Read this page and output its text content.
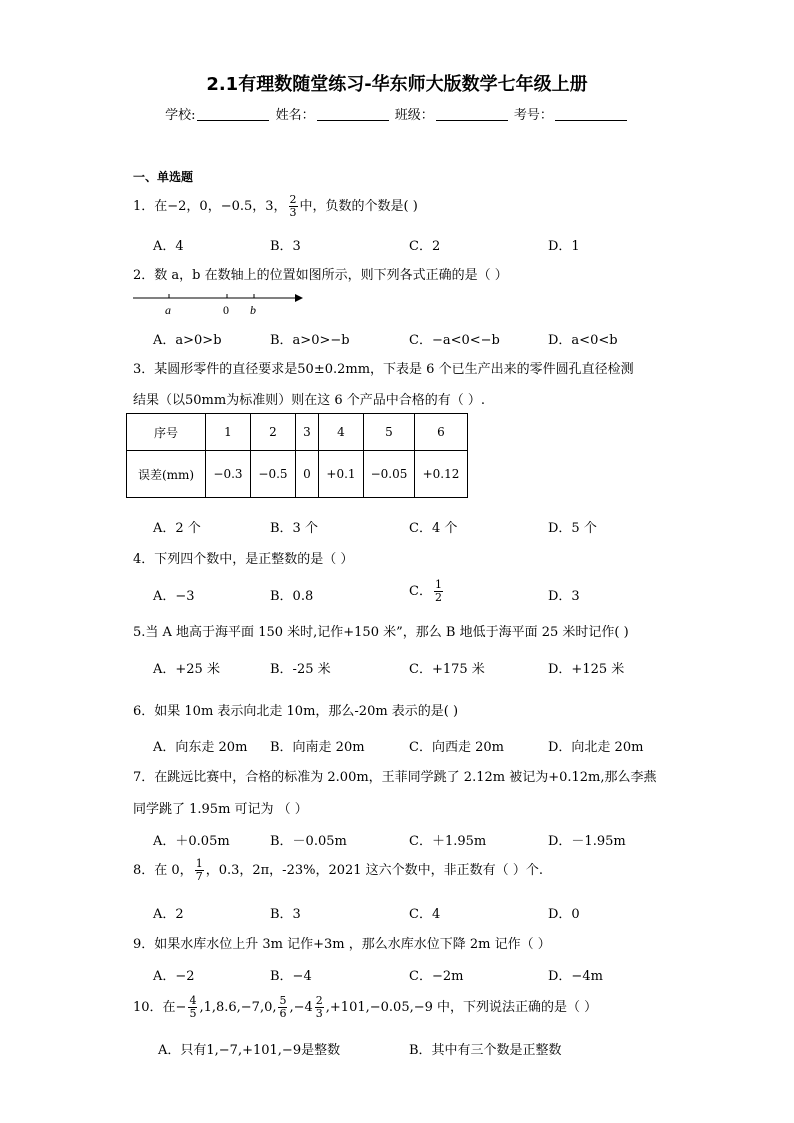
2.1有理数随堂练习-华东师大版数学七年级上册
学校:	姓名：	班级：	考号：
一、单选题
1．在−2，0，−0.5，3， $\frac{2}{3}$ 中，负数的个数是( )
A．4	B．3	C．2	D．1
2．数 a，b 在数轴上的位置如图所示，则下列各式正确的是（ ）
a	0 b
A．a>0>b	B．a>0>−b	C．−a<0<−b	D．a<0<b
3．某圆形零件的直径要求是50±0.2mm，下表是 6 个已生产出来的零件圆孔直径检测
结果（以50mm为标准则）则在这 6 个产品中合格的有（ ）.
序号	1	2	3	4	5	6
误差(mm)	−0.3	−0.5	0	+0.1	−0.05	+0.12
A．2 个	B．3 个	C．4 个	D．5 个
4．下列四个数中，是正整数的是（ ）
A．−3	B．0.8	C． $\frac{1}{2}$	D．3
5.当 A 地高于海平面 150 米时,记作+150 米”，那么 B 地低于海平面 25 米时记作( )
A．+25 米	B．-25 米	C．+175 米	D．+125 米
6．如果 10m 表示向北走 10m，那么-20m 表示的是( )
A．向东走 20m B．向南走 20m	C．向西走 20m	D．向北走 20m
7．在跳远比赛中，合格的标准为 2.00m，王菲同学跳了 2.12m 被记为+0.12m,那么李燕
同学跳了 1.95m 可记为 （ ）
A．＋0.05m	B．－0.05m	C．＋1.95m	D．－1.95m
8．在 0， $\frac{1}{7}$ ，0.3，2π，-23%，2021 这六个数中，非正数有（ ）个.
A．2	B．3	C．4	D．0
9．如果水库水位上升 3m 记作+3m ，那么水库水位下降 2m 记作（ ）
A．−2	B．−4	C．−2m	D．−4m
10．在− $\frac{4}{5} ,1,8.6,-7,0$, $\frac{5}{6} ,-4 \frac{2}{3} ,+101,-0.05,-9$ 中，下列说法正确的是（ ）
A．只有1,−7,+101,−9是整数	B．其中有三个数是正整数
